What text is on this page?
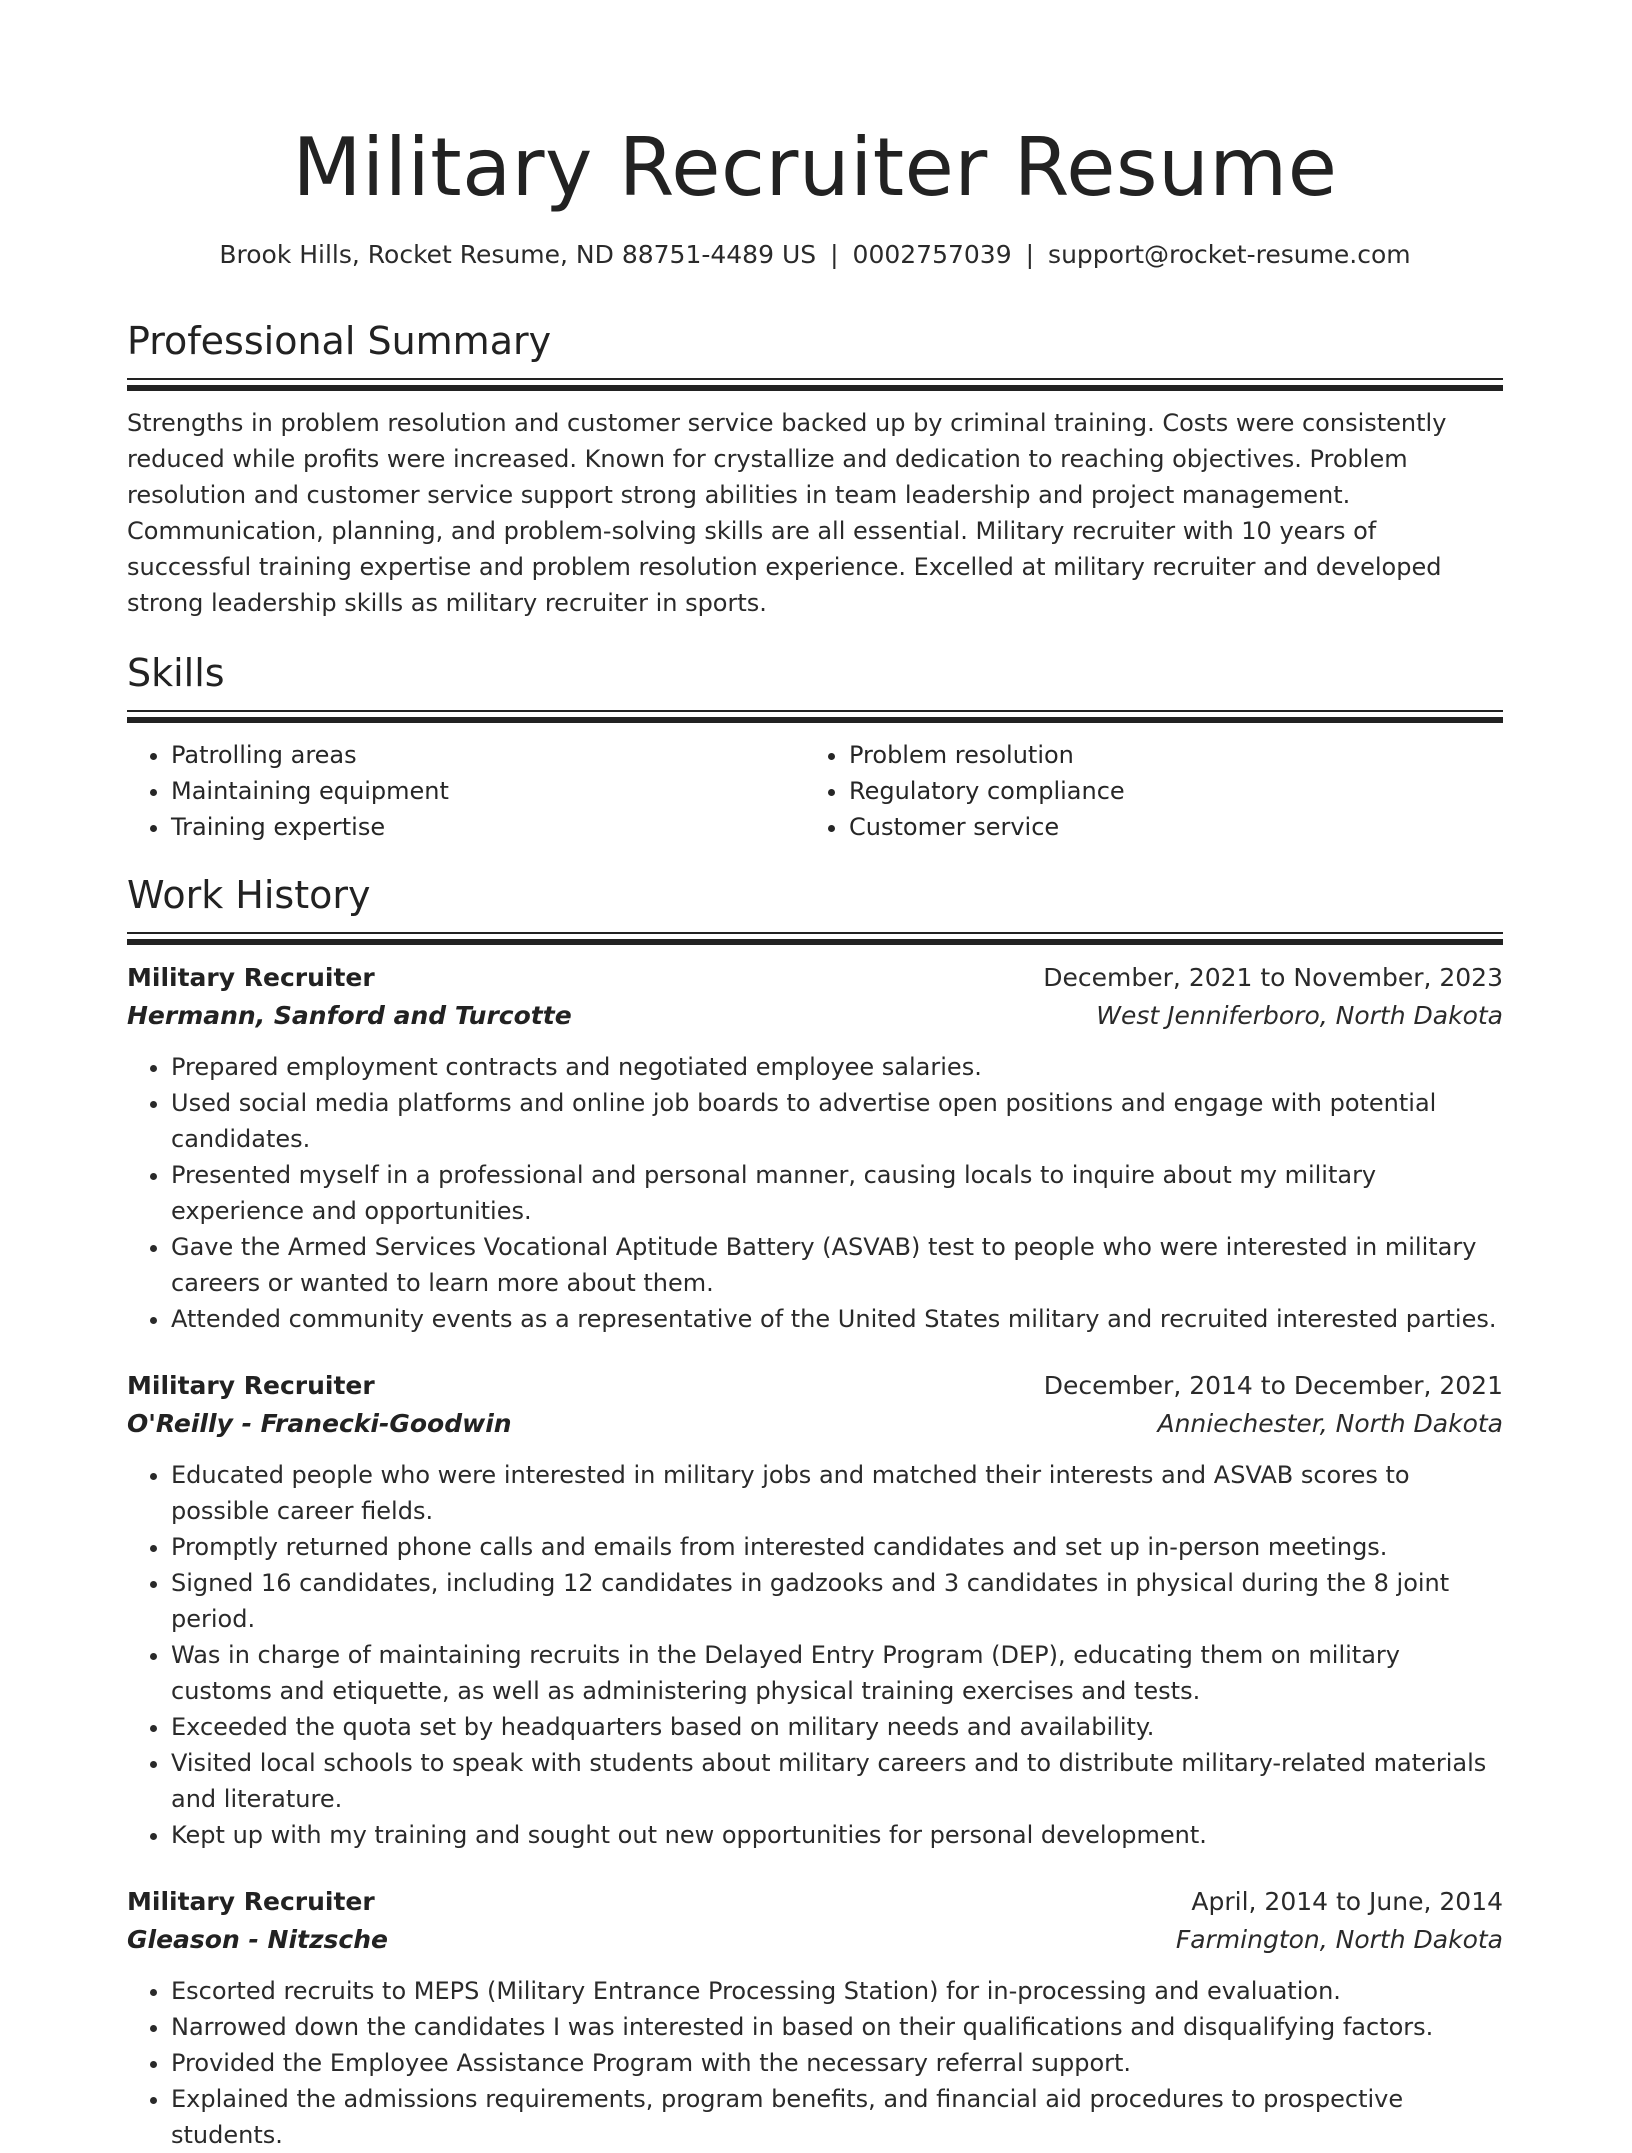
Military Recruiter Resume
Brook Hills, Rocket Resume, ND 88751-4489 US | 0002757039 | support@rocket-resume.com
Professional Summary

Strengths in problem resolution and customer service backed up by criminal training. Costs were consistently reduced while profits were increased. Known for crystallize and dedication to reaching objectives. Problem resolution and customer service support strong abilities in team leadership and project management. Communication, planning, and problem-solving skills are all essential. Military recruiter with 10 years of successful training expertise and problem resolution experience. Excelled at military recruiter and developed strong leadership skills as military recruiter in sports.

Skills
• Patrolling areas
• Maintaining equipment
• Training expertise
• Problem resolution
• Regulatory compliance
• Customer service
Work History
Military Recruiter	December, 2021 to November, 2023
Hermann, Sanford and Turcotte	West Jenniferboro, North Dakota
• Prepared employment contracts and negotiated employee salaries.
• Used social media platforms and online job boards to advertise open positions and engage with potential candidates.
• Presented myself in a professional and personal manner, causing locals to inquire about my military experience and opportunities.
• Gave the Armed Services Vocational Aptitude Battery (ASVAB) test to people who were interested in military careers or wanted to learn more about them.
• Attended community events as a representative of the United States military and recruited interested parties.
Military Recruiter	December, 2014 to December, 2021
O'Reilly - Franecki-Goodwin	Anniechester, North Dakota
• Educated people who were interested in military jobs and matched their interests and ASVAB scores to possible career fields.
• Promptly returned phone calls and emails from interested candidates and set up in-person meetings.
• Signed 16 candidates, including 12 candidates in gadzooks and 3 candidates in physical during the 8 joint period.
• Was in charge of maintaining recruits in the Delayed Entry Program (DEP), educating them on military customs and etiquette, as well as administering physical training exercises and tests.
• Exceeded the quota set by headquarters based on military needs and availability.
• Visited local schools to speak with students about military careers and to distribute military-related materials and literature.
• Kept up with my training and sought out new opportunities for personal development.
Military Recruiter	April, 2014 to June, 2014
Gleason - Nitzsche	Farmington, North Dakota
• Escorted recruits to MEPS (Military Entrance Processing Station) for in-processing and evaluation.
• Narrowed down the candidates I was interested in based on their qualifications and disqualifying factors.
• Provided the Employee Assistance Program with the necessary referral support.
• Explained the admissions requirements, program benefits, and financial aid procedures to prospective students.
